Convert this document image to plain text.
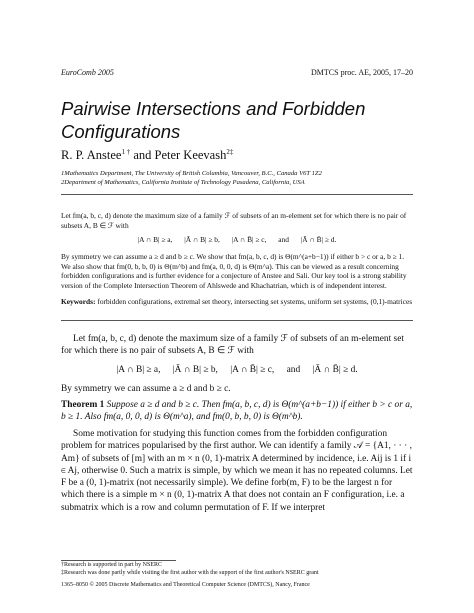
EuroComb 2005	DMTCS proc. AE, 2005, 17–20
Pairwise Intersections and Forbidden Configurations
R. P. Anstee$^{1 \dagger}$ and Peter Keevash$^{2\ddagger}$
1Mathematics Department, The University of British Columbia, Vancouver, B.C., Canada V6T 1Z2
2Department of Mathematics, California Institute of Technology Pasadena, California, USA
Let fm(a, b, c, d) denote the maximum size of a family ℱ of subsets of an m-element set for which there is no pair of subsets A, B ∈ ℱ with
|A ∩ B| ≥ a, |Ā ∩ B| ≥ b, |A ∩ B̄| ≥ c, and |Ā ∩ B̄| ≥ d.
By symmetry we can assume a ≥ d and b ≥ c. We show that fm(a, b, c, d) is Θ(m^(a+b−1)) if either b > c or a, b ≥ 1. We also show that fm(0, b, b, 0) is Θ(m^b) and fm(a, 0, 0, d) is Θ(m^a). This can be viewed as a result concerning forbidden configurations and is further evidence for a conjecture of Anstee and Sali. Our key tool is a strong stability version of the Complete Intersection Theorem of Ahlswede and Khachatrian, which is of independent interest.
Keywords: forbidden configurations, extremal set theory, intersecting set systems, uniform set systems, (0,1)-matrices
Let fm(a, b, c, d) denote the maximum size of a family ℱ of subsets of an m-element set for which there is no pair of subsets A, B ∈ ℱ with
|A ∩ B| ≥ a, |Ā ∩ B| ≥ b, |A ∩ B̄| ≥ c, and |Ā ∩ B̄| ≥ d.
By symmetry we can assume a ≥ d and b ≥ c.
Theorem 1 Suppose a ≥ d and b ≥ c. Then fm(a, b, c, d) is Θ(m^(a+b−1)) if either b > c or a, b ≥ 1. Also fm(a, 0, 0, d) is Θ(m^a), and fm(0, b, b, 0) is Θ(m^b).
Some motivation for studying this function comes from the forbidden configuration problem for matrices popularised by the first author. We can identify a family 𝒜 = {A1, · · · , Am} of subsets of [m] with an m × n (0, 1)-matrix A determined by incidence, i.e. Aij is 1 if i ∈ Aj, otherwise 0. Such a matrix is simple, by which we mean it has no repeated columns. Let F be a (0, 1)-matrix (not necessarily simple). We define forb(m, F) to be the largest n for which there is a simple m × n (0, 1)-matrix A that does not contain an F configuration, i.e. a submatrix which is a row and column permutation of F. If we interpret
†Research is supported in part by NSERC
‡Research was done partly while visiting the first author with the support of the first author's NSERC grant
1365–8050 © 2005 Discrete Mathematics and Theoretical Computer Science (DMTCS), Nancy, France
